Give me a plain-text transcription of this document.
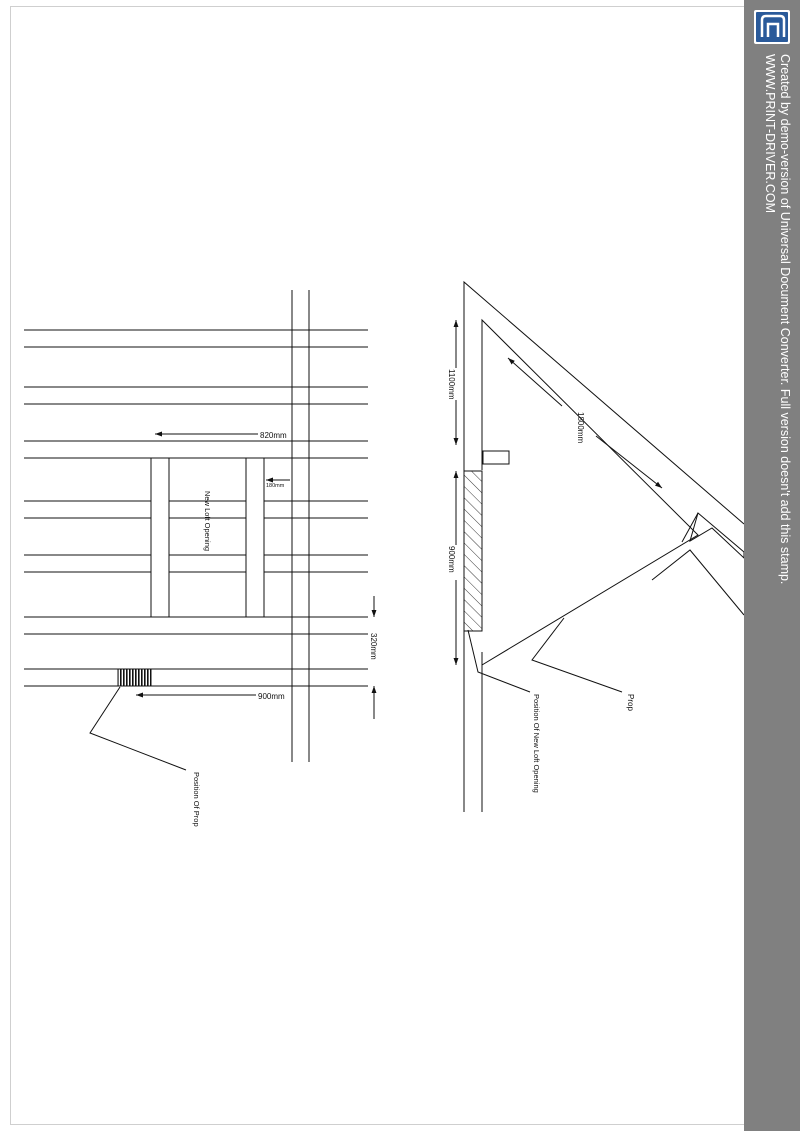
820mm
180mm
New Loft Opening
320mm
900mm
Position Of Prop
1100mm
900mm
1800mm
Prop
Position Of New Loft Opening
Created by demo-version of Universal Document Converter. Full version doesn't add this stamp.
WWW.PRINT-DRIVER.COM
